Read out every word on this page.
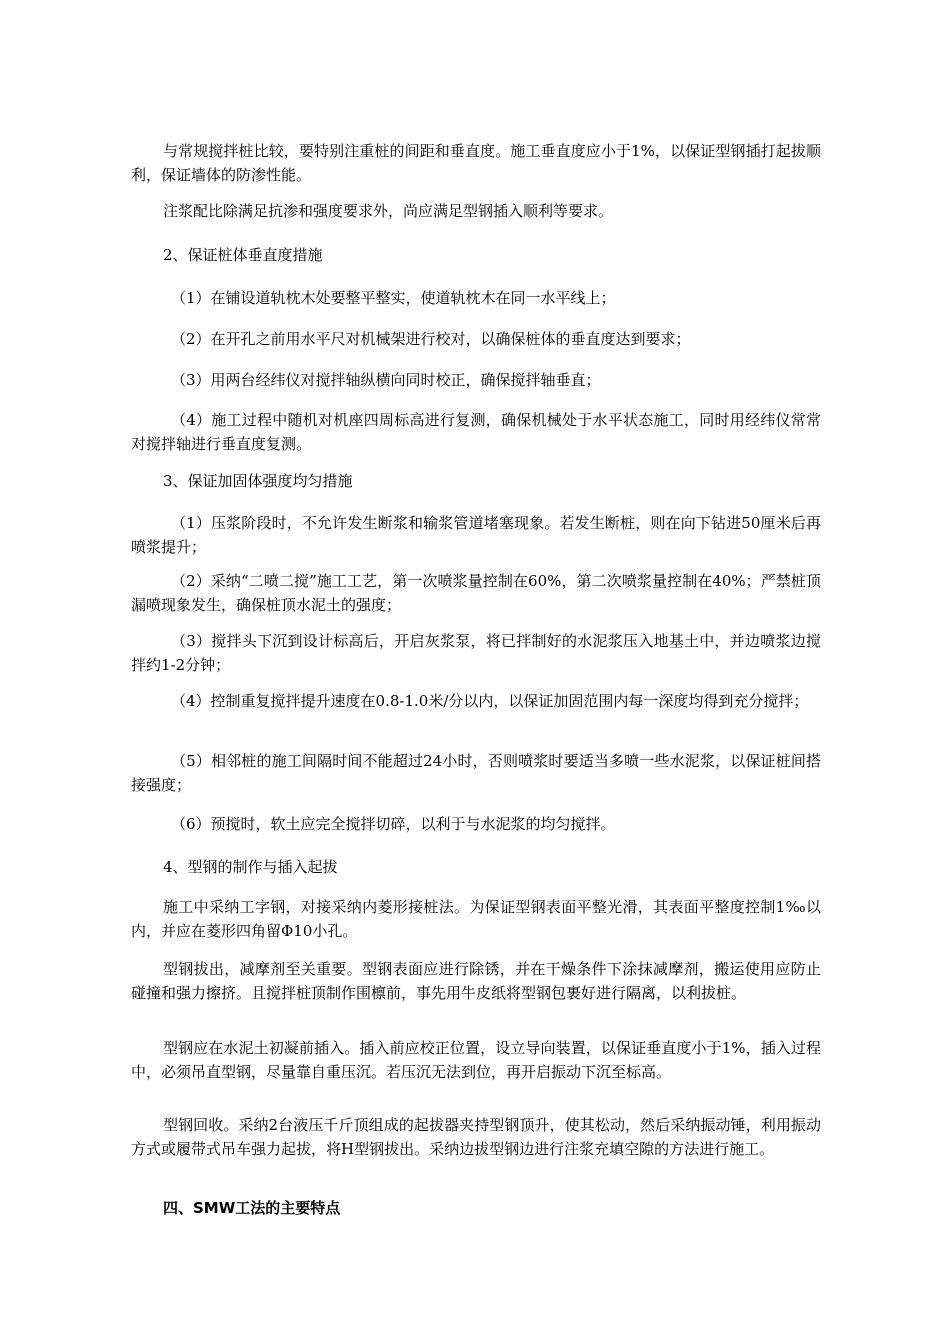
与常规搅拌桩比较，要特别注重桩的间距和垂直度。施工垂直度应小于1%，以保证型钢插打起拔顺利，保证墙体的防渗性能。

注浆配比除满足抗渗和强度要求外，尚应满足型钢插入顺利等要求。

2、保证桩体垂直度措施

（1）在铺设道轨枕木处要整平整实，使道轨枕木在同一水平线上；

（2）在开孔之前用水平尺对机械架进行校对，以确保桩体的垂直度达到要求；

（3）用两台经纬仪对搅拌轴纵横向同时校正，确保搅拌轴垂直；

（4）施工过程中随机对机座四周标高进行复测，确保机械处于水平状态施工，同时用经纬仪常常对搅拌轴进行垂直度复测。

3、保证加固体强度均匀措施

（1）压浆阶段时，不允许发生断浆和输浆管道堵塞现象。若发生断桩，则在向下钻进50厘米后再喷浆提升；

（2）采纳“二喷二搅”施工工艺，第一次喷浆量控制在60%，第二次喷浆量控制在40%；严禁桩顶漏喷现象发生，确保桩顶水泥土的强度；

（3）搅拌头下沉到设计标高后，开启灰浆泵，将已拌制好的水泥浆压入地基土中，并边喷浆边搅拌约1-2分钟；

（4）控制重复搅拌提升速度在0.8-1.0米/分以内，以保证加固范围内每一深度均得到充分搅拌；

（5）相邻桩的施工间隔时间不能超过24小时，否则喷浆时要适当多喷一些水泥浆，以保证桩间搭接强度；

（6）预搅时，软土应完全搅拌切碎，以利于与水泥浆的均匀搅拌。

4、型钢的制作与插入起拔

施工中采纳工字钢，对接采纳内菱形接桩法。为保证型钢表面平整光滑，其表面平整度控制1‰以内，并应在菱形四角留Φ10小孔。

型钢拔出，减摩剂至关重要。型钢表面应进行除锈，并在干燥条件下涂抹减摩剂，搬运使用应防止碰撞和强力擦挤。且搅拌桩顶制作围檩前，事先用牛皮纸将型钢包裹好进行隔离，以利拔桩。

型钢应在水泥土初凝前插入。插入前应校正位置，设立导向装置，以保证垂直度小于1%，插入过程中，必须吊直型钢，尽量靠自重压沉。若压沉无法到位，再开启振动下沉至标高。

型钢回收。采纳2台液压千斤顶组成的起拔器夹持型钢顶升，使其松动，然后采纳振动锤，利用振动方式或履带式吊车强力起拔，将H型钢拔出。采纳边拔型钢边进行注浆充填空隙的方法进行施工。

四、SMW工法的主要特点
